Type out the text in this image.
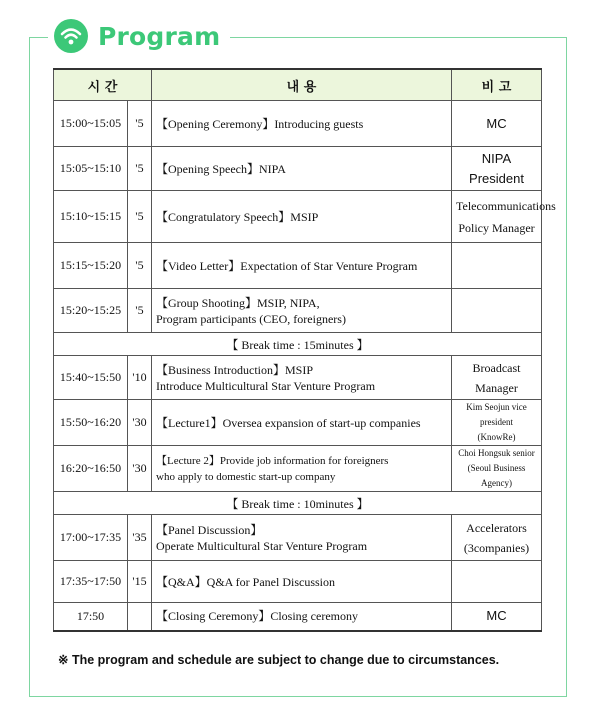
Program
시 간		내 용	비 고
15:00~15:05	'5	【Opening Ceremony】Introducing guests	MC
15:05~15:10	'5	【Opening Speech】NIPA	NIPA President
15:10~15:15	'5	【Congratulatory Speech】MSIP	Telecommunications
Policy Manager
15:15~15:20	'5	【Video Letter】Expectation of Star Venture Program	
15:20~15:25	'5	【Group Shooting】MSIP, NIPA,
Program participants (CEO, foreigners)	
【 Break time : 15minutes 】			
15:40~15:50	'10	【Business Introduction】MSIP
Introduce Multicultural Star Venture Program	Broadcast Manager
15:50~16:20	'30	【Lecture1】Oversea expansion of start-up companies	Kim Seojun vice president
(KnowRe)
16:20~16:50	'30	【Lecture 2】Provide job information for foreigners
who apply to domestic start-up company	Choi Hongsuk senior
(Seoul Business Agency)
【 Break time : 10minutes 】			
17:00~17:35	'35	【Panel Discussion】
Operate Multicultural Star Venture Program	Accelerators
(3companies)
17:35~17:50	'15	【Q&A】Q&A for Panel Discussion	
17:50		【Closing Ceremony】Closing ceremony	MC
※ The program and schedule are subject to change due to circumstances.
